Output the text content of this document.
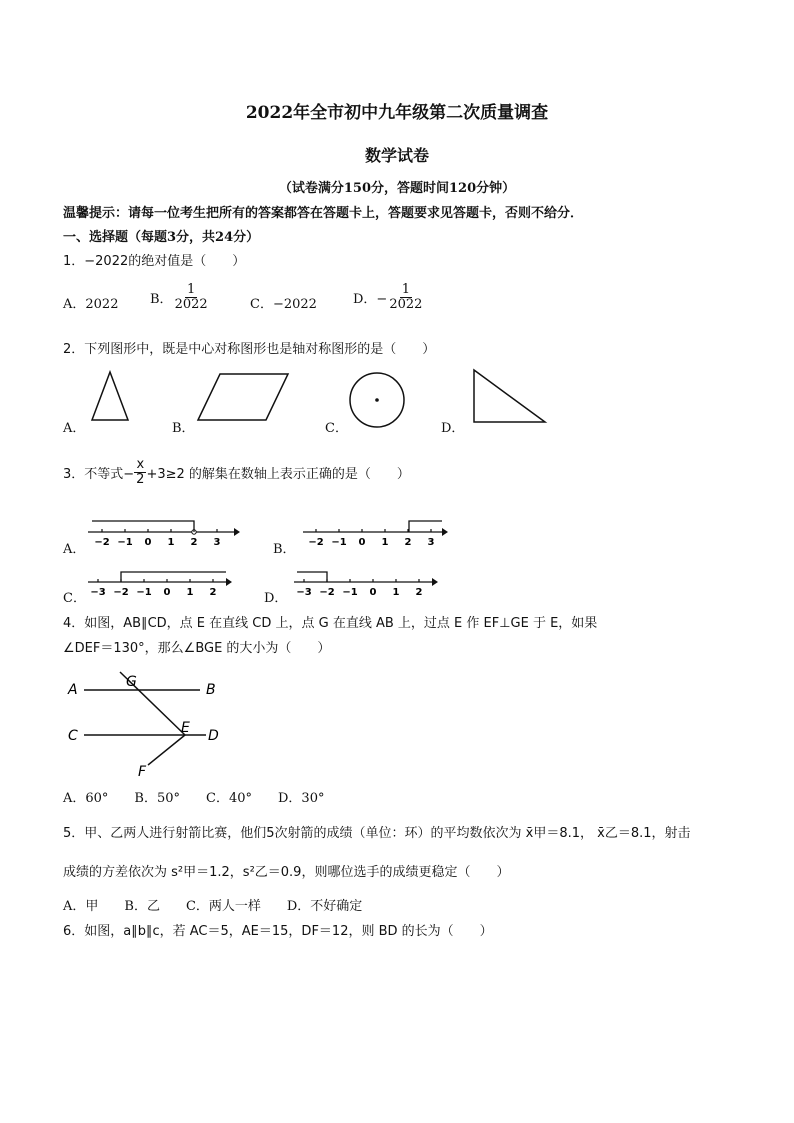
2022年全市初中九年级第二次质量调查
数学试卷
（试卷满分150分，答题时间120分钟）
温馨提示：请每一位考生把所有的答案都答在答题卡上，答题要求见答题卡，否则不给分．
一、选择题（每题3分，共24分）
1．−2022的绝对值是（　　）
A．2022 B． $\frac{1}{2022}$	C．−2022	D．− $\frac{1}{2022}$
2．下列图形中，既是中心对称图形也是轴对称图形的是（　　）
A．	B．	C．	D．
3．不等式− $\frac{x}{2} +3\ge 2$ 的解集在数轴上表示正确的是（　　）
A．	B．
C．	D．
−2 −1 0 1 2 3	−2 −1 0 1 2 3
−3 −2 −1 0 1 2	−3 −2 −1 0 1 2
4．如图，AB∥CD，点 E 在直线 CD 上，点 G 在直线 AB 上，过点 E 作 EF⊥GE 于 E，如果
∠DEF＝130°，那么∠BGE 的大小为（　　）
A	B
G
C	E D
F
A．60°　　B．50°　　C．40°　　D．30°
5．甲、乙两人进行射箭比赛，他们5次射箭的成绩（单位：环）的平均数依次为 x̄甲＝8.1， x̄乙＝8.1，射击
成绩的方差依次为 s²甲＝1.2，s²乙＝0.9，则哪位选手的成绩更稳定（　　）
A．甲　　B．乙　　C．两人一样　　D．不好确定
6．如图，a∥b∥c，若 AC＝5，AE＝15，DF＝12，则 BD 的长为（　　）
